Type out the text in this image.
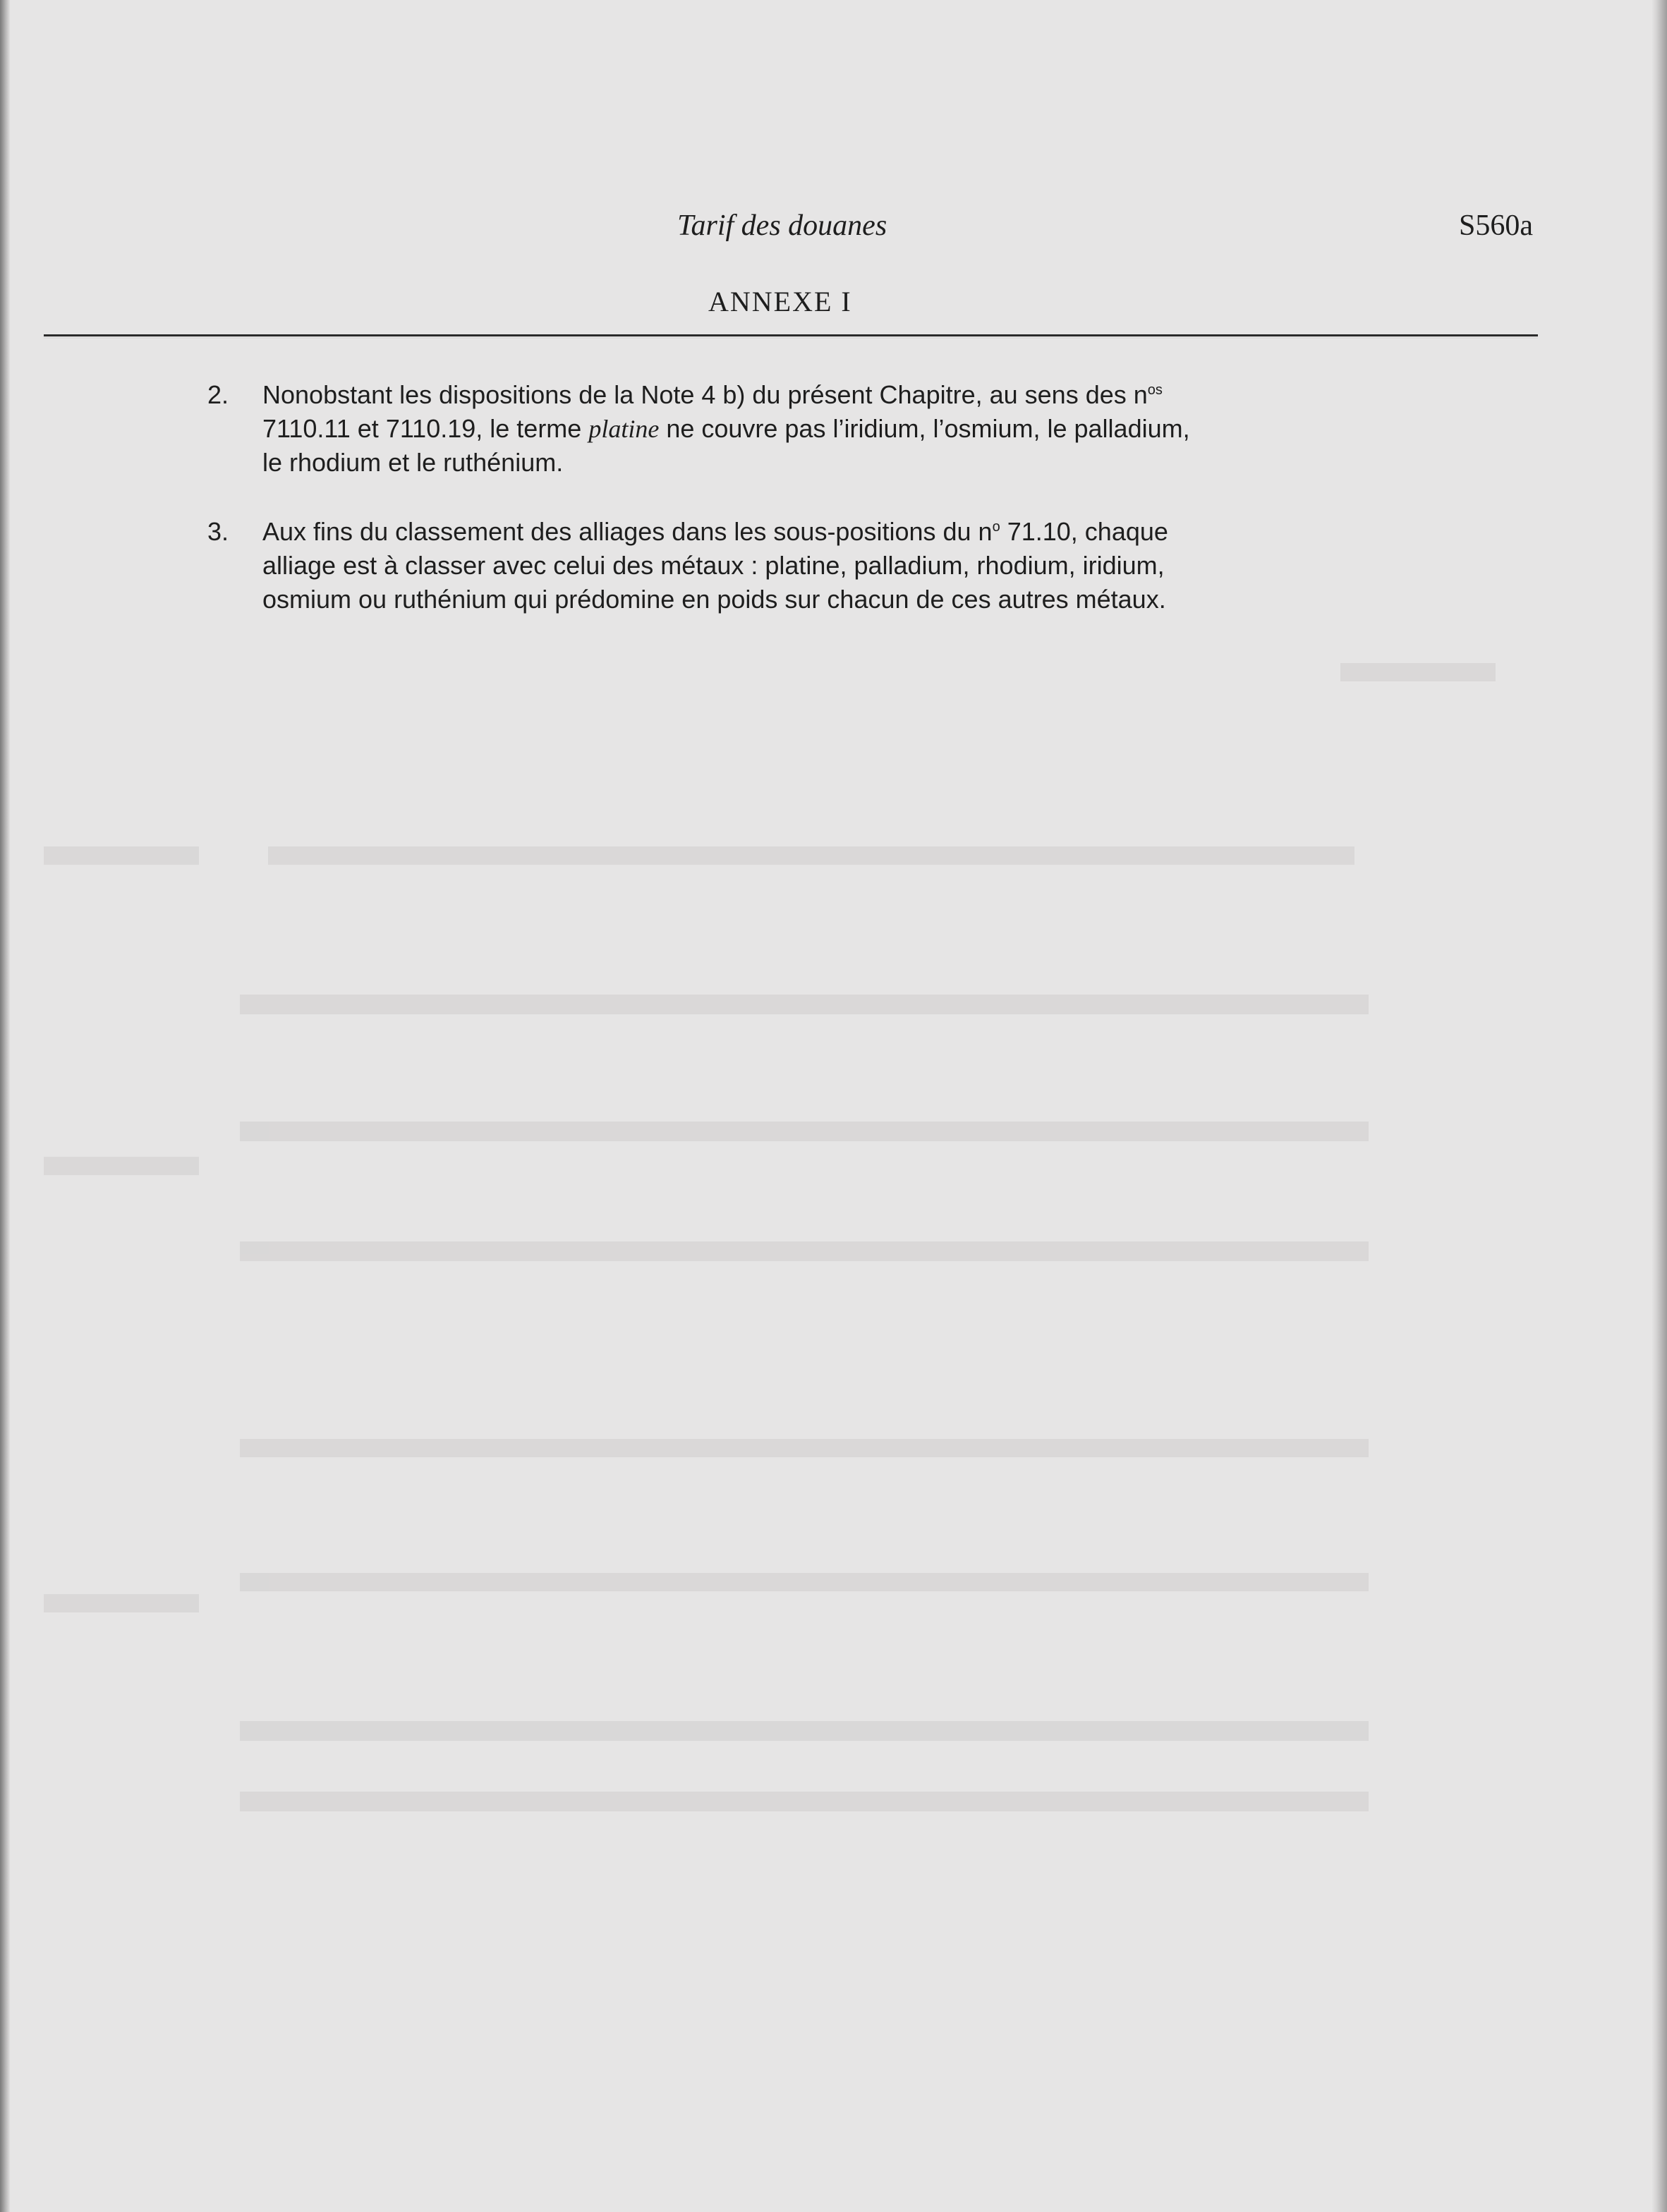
Tarif des douanes	S560a
ANNEXE I
2. Nonobstant les dispositions de la Note 4 b) du présent Chapitre, au sens des $n^{os}$
7110.11 et 7110.19, le terme platine ne couvre pas l’iridium, l’osmium, le palladium,
le rhodium et le ruthénium.
3. Aux fins du classement des alliages dans les sous-positions du $n^o$ 71.10, chaque
alliage est à classer avec celui des métaux : platine, palladium, rhodium, iridium,
osmium ou ruthénium qui prédomine en poids sur chacun de ces autres métaux.
